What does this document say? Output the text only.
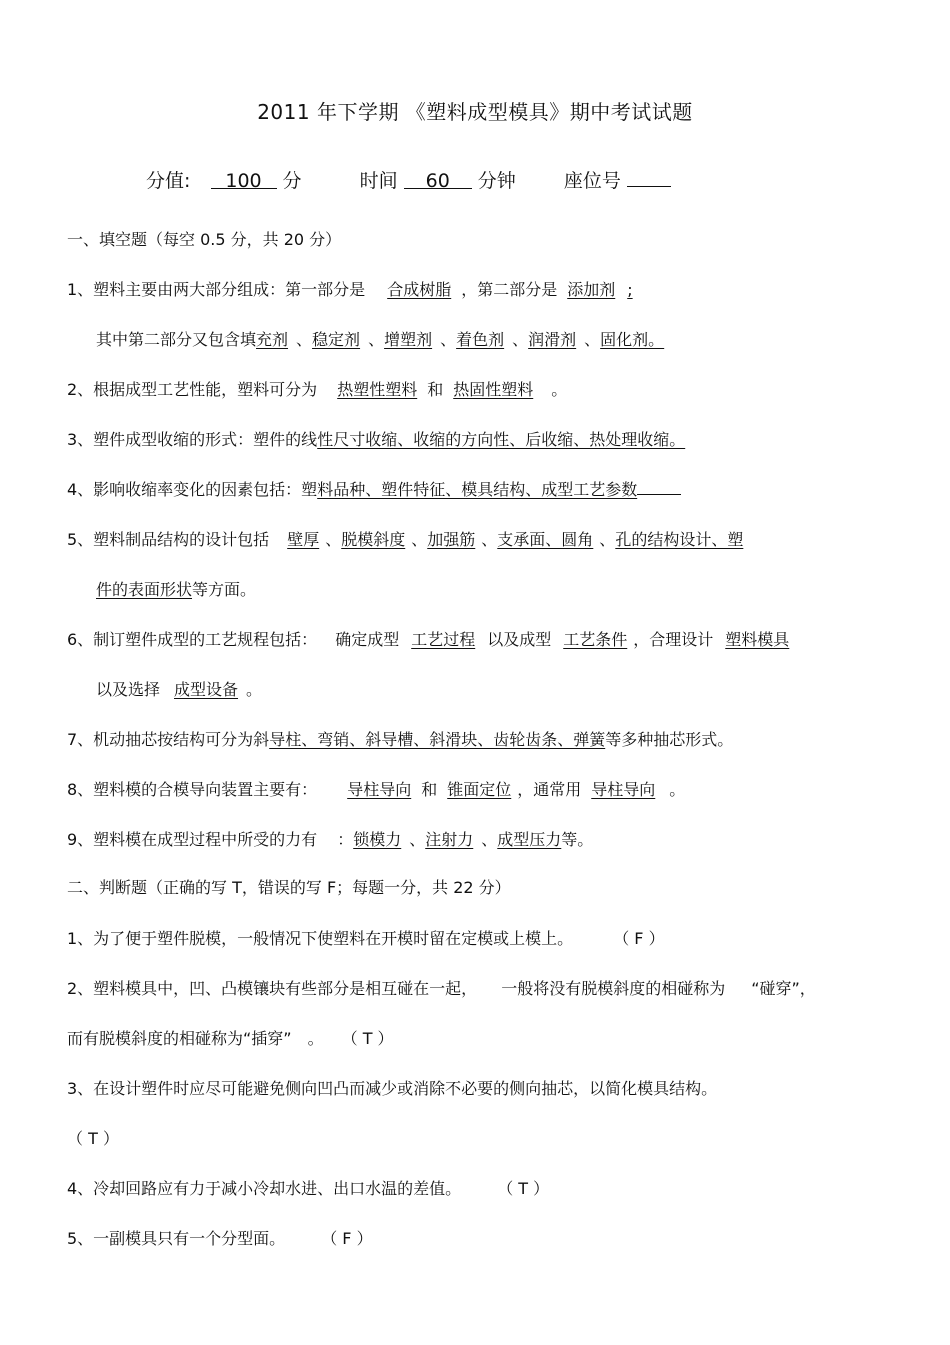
2011 年下学期 《塑料成型模具》期中考试试题
分值: 100 分	时间 60 分钟	座位号
一、填空题（每空 0.5 分，共 20 分）
1、塑料主要由两大部分组成：第一部分是 合成树脂 ，第二部分是 添加剂 ;
其中第二部分又包含填充剂 、稳定剂 、增塑剂 、着色剂 、润滑剂 、固化剂。
2、根据成型工艺性能，塑料可分为 热塑性塑料 和 热固性塑料 。
3、塑件成型收缩的形式：塑件的线性尺寸收缩、收缩的方向性、后收缩、热处理收缩。
4、影响收缩率变化的因素包括：塑料品种、塑件特征、模具结构、成型工艺参数
5、塑料制品结构的设计包括 壁厚 、脱模斜度 、加强筋 、支承面、圆角 、孔的结构设计、塑
件的表面形状等方面。
6、制订塑件成型的工艺规程包括： 确定成型 工艺过程 以及成型 工艺条件 ，合理设计 塑料模具
以及选择 成型设备 。
7、机动抽芯按结构可分为斜导柱、弯销、斜导槽、斜滑块、齿轮齿条、弹簧等多种抽芯形式。
8、塑料模的合模导向装置主要有： 导柱导向 和 锥面定位 ，通常用 导柱导向 。
9、塑料模在成型过程中所受的力有 ：锁模力 、注射力 、成型压力等。
二、判断题（正确的写 T，错误的写 F；每题一分，共 22 分）
1、为了便于塑件脱模，一般情况下使塑料在开模时留在定模或上模上。	（ F ）
2、塑料模具中，凹、凸模镶块有些部分是相互碰在一起， 一般将没有脱模斜度的相碰称为 “碰穿”，
而有脱模斜度的相碰称为“插穿” 。 （ T ）
3、在设计塑件时应尽可能避免侧向凹凸而减少或消除不必要的侧向抽芯，以简化模具结构。
（ T ）
4、冷却回路应有力于减小冷却水进、出口水温的差值。 （ T ）
5、一副模具只有一个分型面。 （ F ）
